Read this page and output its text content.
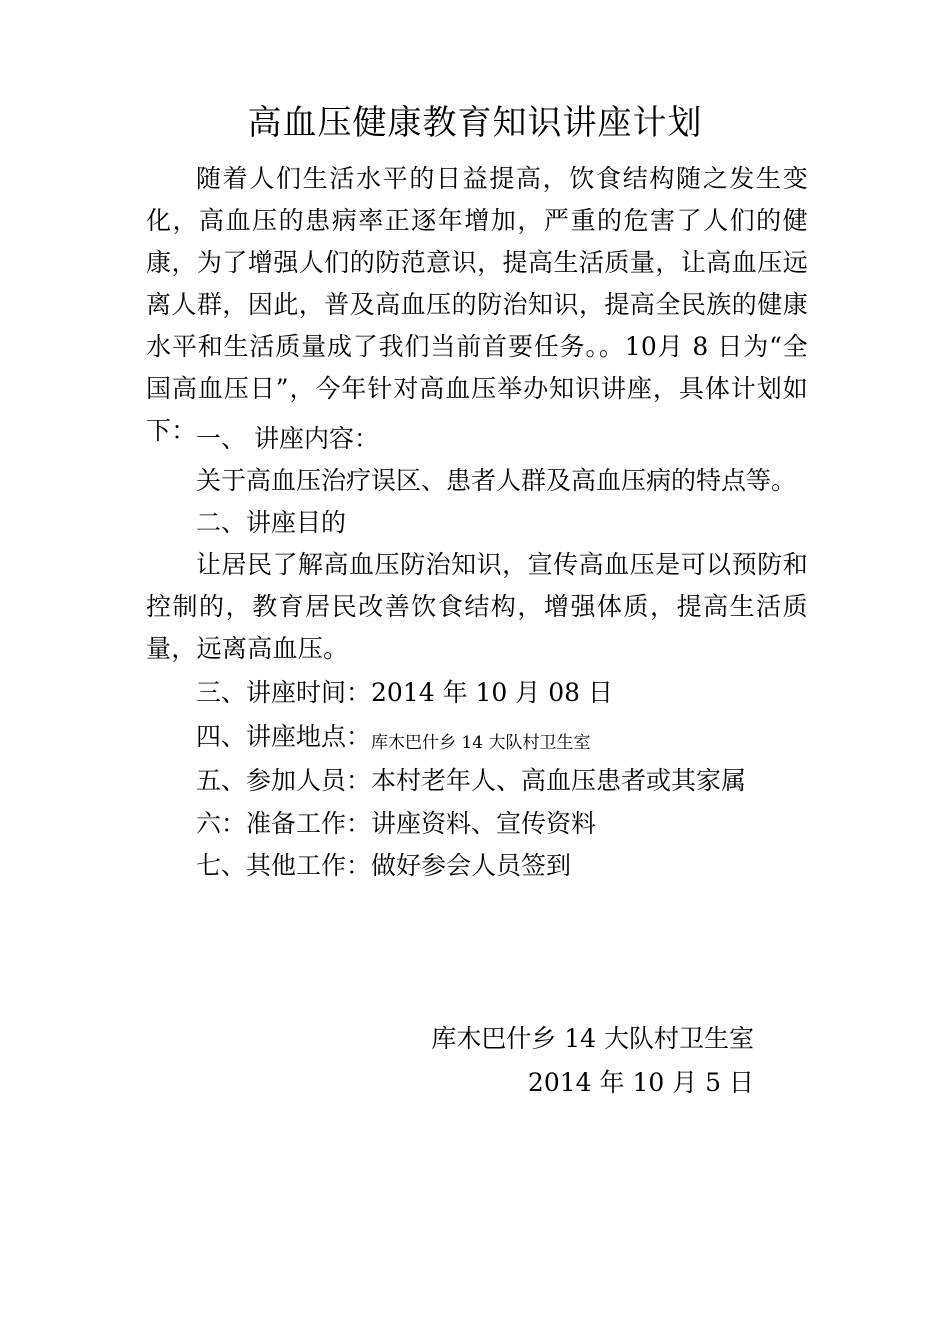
高血压健康教育知识讲座计划

随着人们生活水平的日益提高，饮食结构随之发生变化，高血压的患病率正逐年增加，严重的危害了人们的健康，为了增强人们的防范意识，提高生活质量，让高血压远离人群，因此，普及高血压的防治知识，提高全民族的健康水平和生活质量成了我们当前首要任务。。10月 8 日为“全国高血压日”，今年针对高血压举办知识讲座，具体计划如下： 一、 讲座内容：

关于高血压治疗误区、患者人群及高血压病的特点等。

二、讲座目的

让居民了解高血压防治知识，宣传高血压是可以预防和控制的，教育居民改善饮食结构，增强体质，提高生活质量，远离高血压。

三、讲座时间：2014 年 10 月 08 日

四、讲座地点：库木巴什乡 14 大队村卫生室

五、参加人员：本村老年人、高血压患者或其家属

六：准备工作：讲座资料、宣传资料

七、其他工作：做好参会人员签到

库木巴什乡 14 大队村卫生室

2014 年 10 月 5 日
